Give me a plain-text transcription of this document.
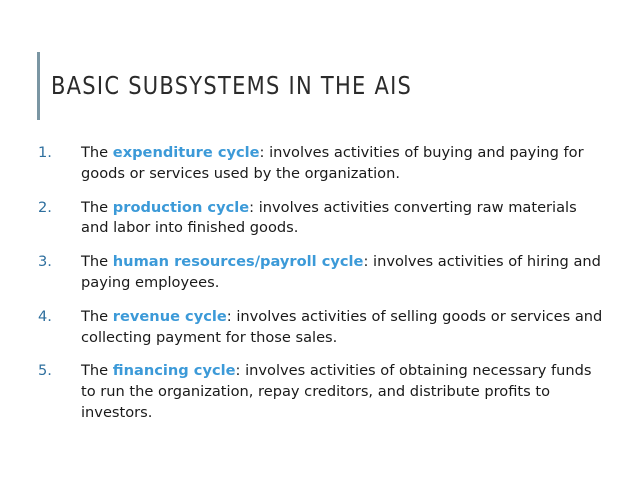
BASIC SUBSYSTEMS IN THE AIS
1. The expenditure cycle: involves activities of buying and paying for goods or services used by the organization.
2. The production cycle: involves activities converting raw materials and labor into finished goods.
3. The human resources/payroll cycle: involves activities of hiring and paying employees.
4. The revenue cycle: involves activities of selling goods or services and collecting payment for those sales.
5. The financing cycle: involves activities of obtaining necessary funds to run the organization, repay creditors, and distribute profits to investors.
